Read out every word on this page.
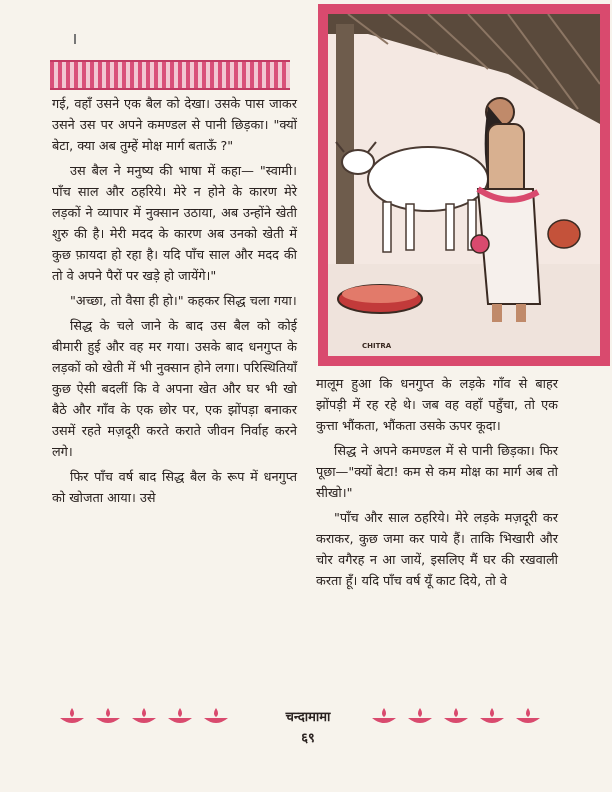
CHITRA

गई, वहाँ उसने एक बैल को देखा। उसके पास जाकर उसने उस पर अपने कमण्डल से पानी छिड़का। "क्यों बेटा, क्या अब तुम्हें मोक्ष मार्ग बताऊँ ?"

उस बैल ने मनुष्य की भाषा में कहा— "स्वामी। पाँच साल और ठहरिये। मेरे न होने के कारण मेरे लड़कों ने व्यापार में नुक्सान उठाया, अब उन्होंने खेती शुरु की है। मेरी मदद के कारण अब उनको खेती में कुछ फ़ायदा हो रहा है। यदि पाँच साल और मदद की तो वे अपने पैरों पर खड़े हो जायेंगे।"

"अच्छा, तो वैसा ही हो।" कहकर सिद्ध चला गया।

सिद्ध के चले जाने के बाद उस बैल को कोई बीमारी हुई और वह मर गया। उसके बाद धनगुप्त के लड़कों को खेती में भी नुक्सान होने लगा। परिस्थितियाँ कुछ ऐसी बदलीं कि वे अपना खेत और घर भी खो बैठे और गाँव के एक छोर पर, एक झोंपड़ा बनाकर उसमें रहते मज़दूरी करते कराते जीवन निर्वाह करने लगे।

फिर पाँच वर्ष बाद सिद्ध बैल के रूप में धनगुप्त को खोजता आया। उसे

मालूम हुआ कि धनगुप्त के लड़के गाँव से बाहर झोंपड़ी में रह रहे थे। जब वह वहाँ पहुँचा, तो एक कुत्ता भौंकता, भौंकता उसके ऊपर कूदा।

सिद्ध ने अपने कमण्डल में से पानी छिड़का। फिर पूछा—"क्यों बेटा! कम से कम मोक्ष का मार्ग अब तो सीखो।"

"पाँच और साल ठहरिये। मेरे लड़के मज़दूरी कर कराकर, कुछ जमा कर पाये हैं। ताकि भिखारी और चोर वगैरह न आ जायें, इसलिए मैं घर की रखवाली करता हूँ। यदि पाँच वर्ष यूँ काट दिये, तो वे

चन्दामामा
६९
